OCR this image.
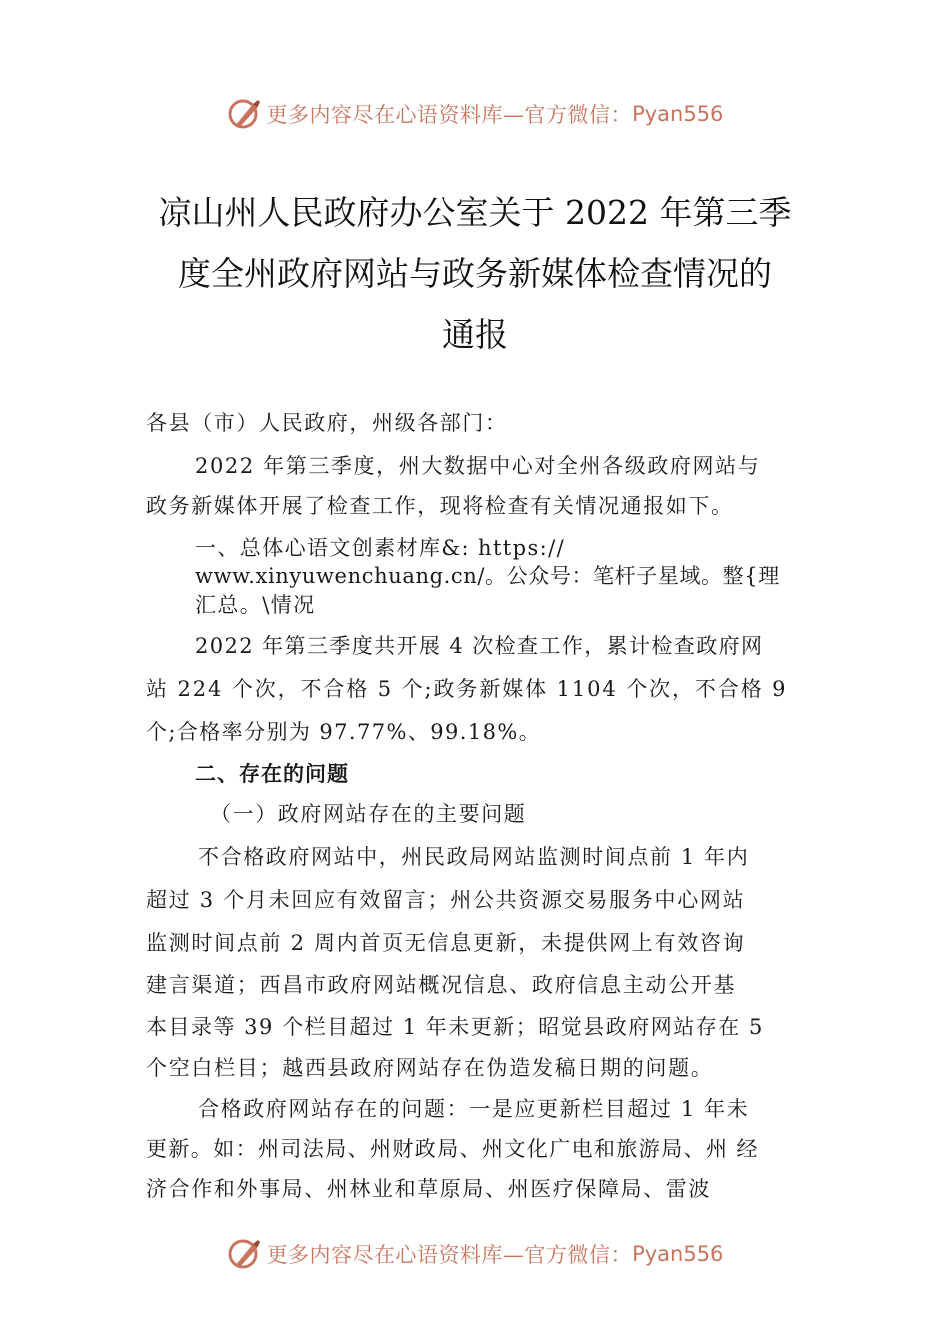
更多内容尽在心语资料库—官方微信： Pyan556
凉山州人民政府办公室关于 2022 年第三季
度全州政府网站与政务新媒体检查情况的
通报
各县（市）人民政府，州级各部门：
2022 年第三季度，州大数据中心对全州各级政府网站与
政务新媒体开展了检查工作，现将检查有关情况通报如下。
一、总体心语文创素材库&: https://
www.xinyuwenchuang.cn/。公众号：笔杆子星域。整{理
汇总。\情况
2022 年第三季度共开展 4 次检查工作，累计检查政府网
站 224 个次，不合格 5 个;政务新媒体 1104 个次，不合格 9
个;合格率分别为 97.77%、99.18%。
二、存在的问题
（一）政府网站存在的主要问题
不合格政府网站中，州民政局网站监测时间点前 1 年内
超过 3 个月未回应有效留言；州公共资源交易服务中心网站
监测时间点前 2 周内首页无信息更新，未提供网上有效咨询
建言渠道；西昌市政府网站概况信息、政府信息主动公开基
本目录等 39 个栏目超过 1 年未更新；昭觉县政府网站存在 5
个空白栏目；越西县政府网站存在伪造发稿日期的问题。
合格政府网站存在的问题：一是应更新栏目超过 1 年未
更新。如：州司法局、州财政局、州文化广电和旅游局、州 经
济合作和外事局、州林业和草原局、州医疗保障局、雷波
更多内容尽在心语资料库—官方微信： Pyan556
